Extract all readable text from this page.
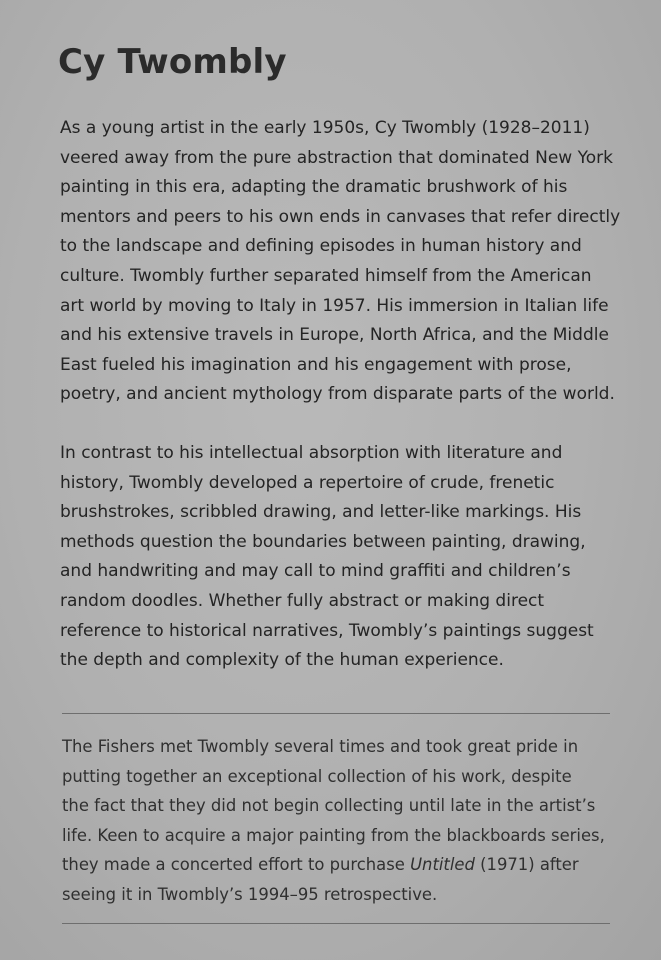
Cy Twombly
As a young artist in the early 1950s, Cy Twombly (1928–2011)
veered away from the pure abstraction that dominated New York
painting in this era, adapting the dramatic brushwork of his
mentors and peers to his own ends in canvases that refer directly
to the landscape and defining episodes in human history and
culture. Twombly further separated himself from the American
art world by moving to Italy in 1957. His immersion in Italian life
and his extensive travels in Europe, North Africa, and the Middle
East fueled his imagination and his engagement with prose,
poetry, and ancient mythology from disparate parts of the world.
In contrast to his intellectual absorption with literature and
history, Twombly developed a repertoire of crude, frenetic
brushstrokes, scribbled drawing, and letter-like markings. His
methods question the boundaries between painting, drawing,
and handwriting and may call to mind graffiti and children’s
random doodles. Whether fully abstract or making direct
reference to historical narratives, Twombly’s paintings suggest
the depth and complexity of the human experience.
The Fishers met Twombly several times and took great pride in
putting together an exceptional collection of his work, despite
the fact that they did not begin collecting until late in the artist’s
life. Keen to acquire a major painting from the blackboards series,
they made a concerted effort to purchase Untitled (1971) after
seeing it in Twombly’s 1994–95 retrospective.
